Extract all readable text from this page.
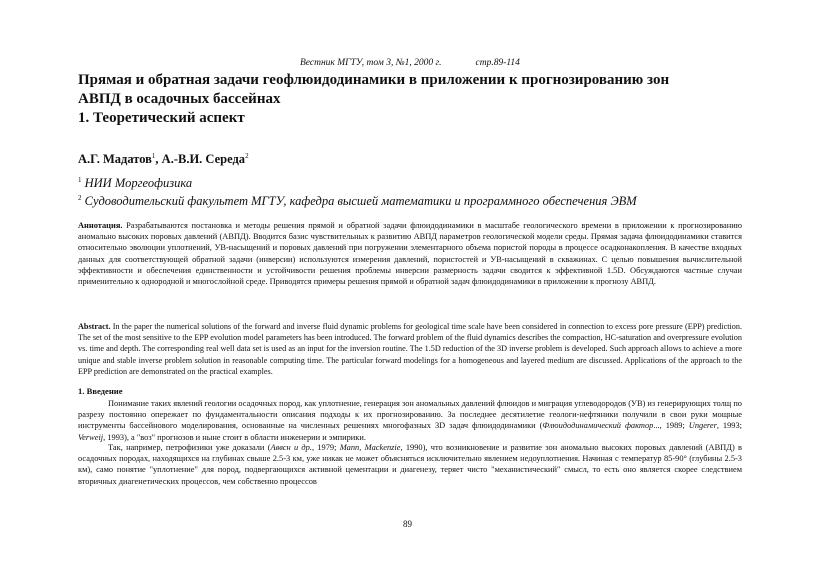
Вестник МГТУ, том 3, №1, 2000 г.	стр.89-114
Прямая и обратная задачи геофлюидодинамики в приложении к прогнозированию зон
АВПД в осадочных бассейнах
1. Теоретический аспект
А.Г. Мадатов$^1$, А.-В.И. Середа$^2$
$^1$ НИИ Моргеофизика
$^2$ Судоводительский факультет МГТУ, кафедра высшей математики и программного обеспечения ЭВМ

Аннотация. Разрабатываются постановка и методы решения прямой и обратной задачи флюидодинамики в масштабе геологического времени в приложении к прогнозированию аномально высоких поровых давлений (АВПД). Вводится базис чувствительных к развитию АВПД параметров геологической модели среды. Прямая задача флюидодинамики ставится относительно эволюции уплотнений, УВ-насыщений и поровых давлений при погружении элементарного объема пористой породы в процессе осадконакопления. В качестве входных данных для соответствующей обратной задачи (инверсии) используются измерения давлений, пористостей и УВ-насыщений в скважинах. С целью повышения вычислительной эффективности и обеспечения единственности и устойчивости решения проблемы инверсии размерность задачи сводится к эффективной 1.5D. Обсуждаются частные случаи применительно к однородной и многослойной среде. Приводятся примеры решения прямой и обратной задач флюидодинамики в приложении к прогнозу АВПД.

Abstract. In the paper the numerical solutions of the forward and inverse fluid dynamic problems for geological time scale have been considered in connection to excess pore pressure (EPP) prediction. The set of the most sensitive to the EPP evolution model parameters has been introduced. The forward problem of the fluid dynamics describes the compaction, HC-saturation and overpressure evolution vs. time and depth. The corresponding real well data set is used as an input for the inversion routine. The 1.5D reduction of the 3D inverse problem is developed. Such approach allows to achieve a more unique and stable inverse problem solution in reasonable computing time. The particular forward modelings for a homogeneous and layered medium are discussed. Applications of the approach to the EPP prediction are demonstrated on the practical examples.

1. Введение

Понимание таких явлений геологии осадочных пород, как уплотнение, генерация зон аномальных давлений флюидов и миграция углеводородов (УВ) из генерирующих толщ по разрезу постоянно опережает по фундаментальности описания подходы к их прогнозированию. За последнее десятилетие геологи-нефтяники получили в свои руки мощные инструменты бассейнового моделирования, основанные на численных решениях многофазных 3D задач флюидодинамики (Флюидодинамический фактор..., 1989; Ungerer, 1993; Verweij, 1993), а "воз" прогнозов и ныне стоит в области инженерии и эмпирики.

Так, например, петрофизики уже доказали (Аввсн и др., 1979; Mann, Mackenzie, 1990), что возникновение и развитие зон аномально высоких поровых давлений (АВПД) в осадочных породах, находящихся на глубинах свыше 2.5-3 км, уже никак не может объясняться исключительно явлением недоуплотнения. Начиная с температур 85-90° (глубины 2.5-3 км), само понятие "уплотнение" для пород, подвергающихся активной цементации и диагенезу, теряет чисто "механистический" смысл, то есть оно является скорее следствием вторичных диагенетических процессов, чем собственно процессов

89
